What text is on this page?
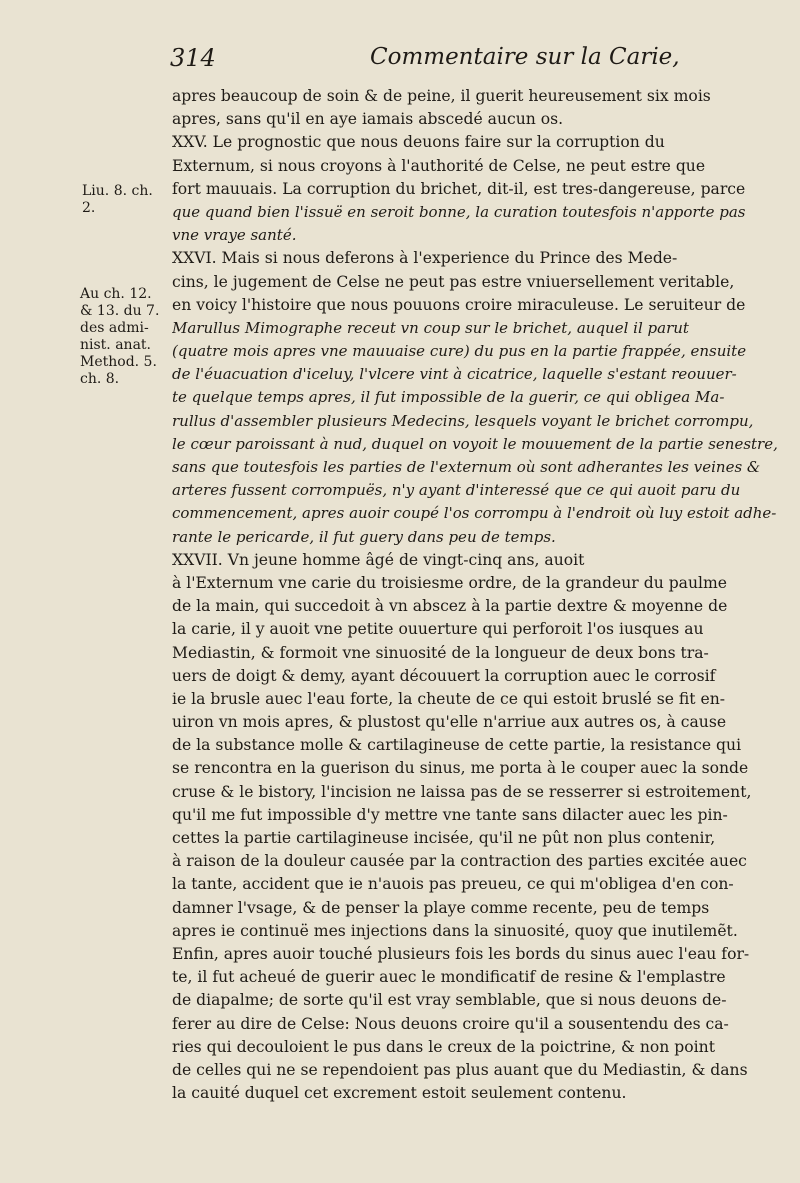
314	Commentaire sur la Carie,
Liu. 8. ch.
2.
Au ch. 12.
& 13. du 7.
des admi-
nist. anat.
Method. 5.
ch. 8.
apres beaucoup de soin & de peine, il guerit heureusement six mois
apres, sans qu'il en aye iamais abscedé aucun os.
XXV. Le prognostic que nous deuons faire sur la corruption du
Externum, si nous croyons à l'authorité de Celse, ne peut estre que
fort mauuais. La corruption du brichet, dit-il, est tres-dangereuse, parce
que quand bien l'issuë en seroit bonne, la curation toutesfois n'apporte pas
vne vraye santé.
XXVI. Mais si nous deferons à l'experience du Prince des Mede-
cins, le jugement de Celse ne peut pas estre vniuersellement veritable,
en voicy l'histoire que nous pouuons croire miraculeuse. Le seruiteur de
Marullus Mimographe receut vn coup sur le brichet, auquel il parut
(quatre mois apres vne mauuaise cure) du pus en la partie frappée, ensuite
de l'éuacuation d'iceluy, l'vlcere vint à cicatrice, laquelle s'estant reouuer-
te quelque temps apres, il fut impossible de la guerir, ce qui obligea Ma-
rullus d'assembler plusieurs Medecins, lesquels voyant le brichet corrompu,
le cœur paroissant à nud, duquel on voyoit le mouuement de la partie senestre,
sans que toutesfois les parties de l'externum où sont adherantes les veines &
arteres fussent corrompuës, n'y ayant d'interessé que ce qui auoit paru du
commencement, apres auoir coupé l'os corrompu à l'endroit où luy estoit adhe-
rante le pericarde, il fut guery dans peu de temps.
XXVII. Vn jeune homme âgé de vingt-cinq ans, auoit
à l'Externum vne carie du troisiesme ordre, de la grandeur du paulme
de la main, qui succedoit à vn abscez à la partie dextre & moyenne de
la carie, il y auoit vne petite ouuerture qui perforoit l'os iusques au
Mediastin, & formoit vne sinuosité de la longueur de deux bons tra-
uers de doigt & demy, ayant découuert la corruption auec le corrosif
ie la brusle auec l'eau forte, la cheute de ce qui estoit bruslé se fit en-
uiron vn mois apres, & plustost qu'elle n'arriue aux autres os, à cause
de la substance molle & cartilagineuse de cette partie, la resistance qui
se rencontra en la guerison du sinus, me porta à le couper auec la sonde
cruse & le bistory, l'incision ne laissa pas de se resserrer si estroitement,
qu'il me fut impossible d'y mettre vne tante sans dilacter auec les pin-
cettes la partie cartilagineuse incisée, qu'il ne pût non plus contenir,
à raison de la douleur causée par la contraction des parties excitée auec
la tante, accident que ie n'auois pas preueu, ce qui m'obligea d'en con-
damner l'vsage, & de penser la playe comme recente, peu de temps
apres ie continuë mes injections dans la sinuosité, quoy que inutilemẽt.
Enfin, apres auoir touché plusieurs fois les bords du sinus auec l'eau for-
te, il fut acheué de guerir auec le mondificatif de resine & l'emplastre
de diapalme; de sorte qu'il est vray semblable, que si nous deuons de-
ferer au dire de Celse: Nous deuons croire qu'il a sousentendu des ca-
ries qui decouloient le pus dans le creux de la poictrine, & non point
de celles qui ne se rependoient pas plus auant que du Mediastin, & dans
la cauité duquel cet excrement estoit seulement contenu.
